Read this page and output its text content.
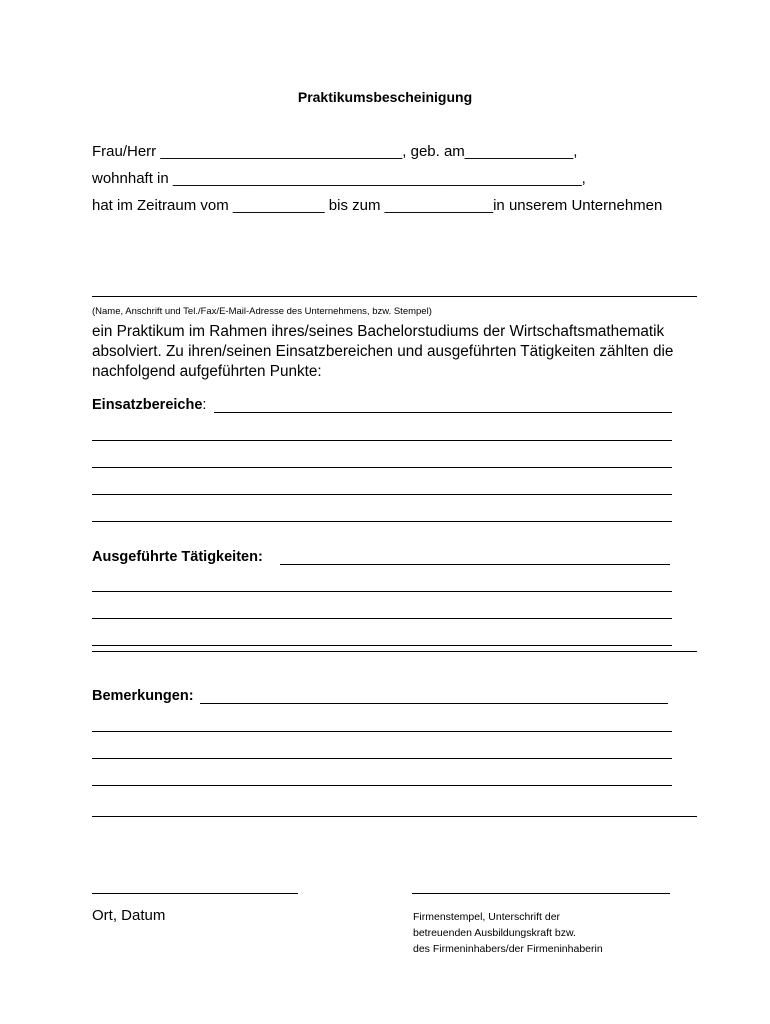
Praktikumsbescheinigung
Frau/Herr _____________________________, geb. am_____________,
wohnhaft in _________________________________________________,
hat im Zeitraum vom ___________ bis zum _____________in unserem Unternehmen
(Name, Anschrift und Tel./Fax/E-Mail-Adresse des Unternehmens, bzw. Stempel)
ein Praktikum im Rahmen ihres/seines Bachelorstudiums der Wirtschaftsmathematik absolviert. Zu ihren/seinen Einsatzbereichen und ausgeführten Tätigkeiten zählten die nachfolgend aufgeführten Punkte:
Einsatzbereiche:
Ausgeführte Tätigkeiten:
Bemerkungen:
Ort, Datum	Firmenstempel, Unterschrift der
betreuenden Ausbildungskraft bzw.
des Firmeninhabers/der Firmeninhaberin
